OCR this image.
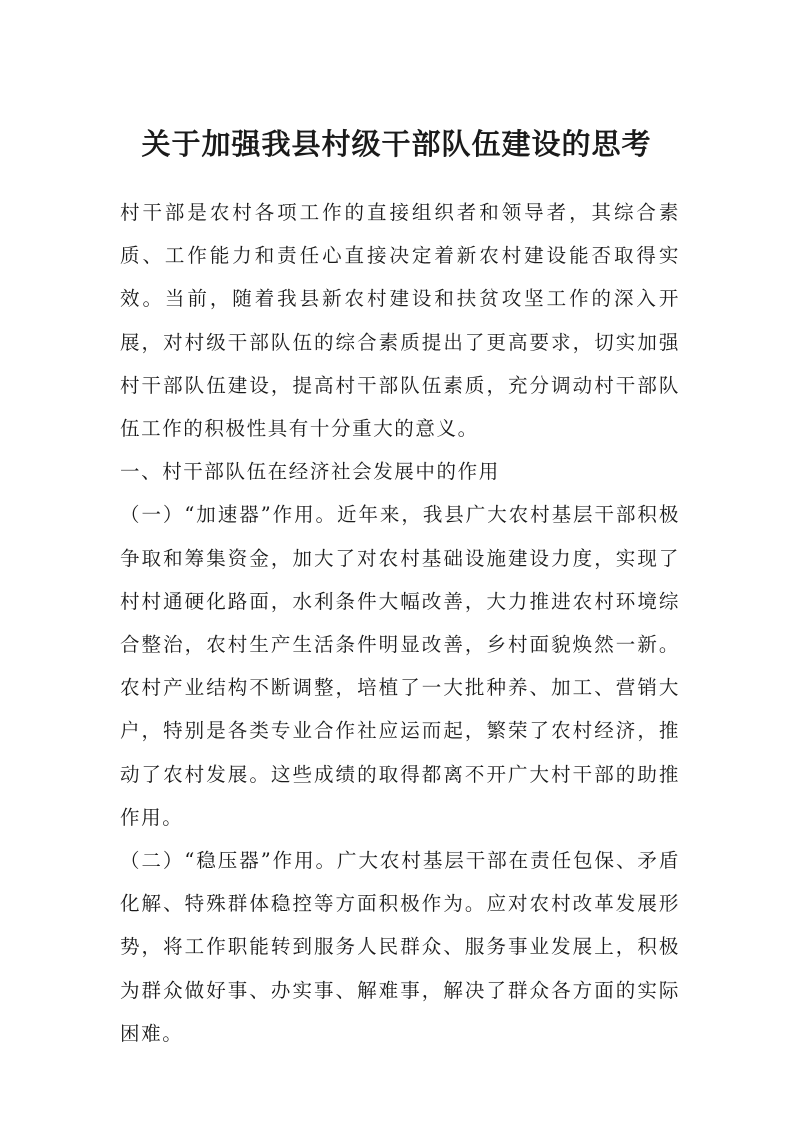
关于加强我县村级干部队伍建设的思考

村干部是农村各项工作的直接组织者和领导者，其综合素质、工作能力和责任心直接决定着新农村建设能否取得实效。当前，随着我县新农村建设和扶贫攻坚工作的深入开展，对村级干部队伍的综合素质提出了更高要求，切实加强村干部队伍建设，提高村干部队伍素质，充分调动村干部队伍工作的积极性具有十分重大的意义。

一、村干部队伍在经济社会发展中的作用

（一）“加速器”作用。近年来，我县广大农村基层干部积极争取和筹集资金，加大了对农村基础设施建设力度，实现了村村通硬化路面，水利条件大幅改善，大力推进农村环境综合整治，农村生产生活条件明显改善，乡村面貌焕然一新。农村产业结构不断调整，培植了一大批种养、加工、营销大户，特别是各类专业合作社应运而起，繁荣了农村经济，推动了农村发展。这些成绩的取得都离不开广大村干部的助推作用。

（二）“稳压器”作用。广大农村基层干部在责任包保、矛盾化解、特殊群体稳控等方面积极作为。应对农村改革发展形势，将工作职能转到服务人民群众、服务事业发展上，积极为群众做好事、办实事、解难事，解决了群众各方面的实际困难。
